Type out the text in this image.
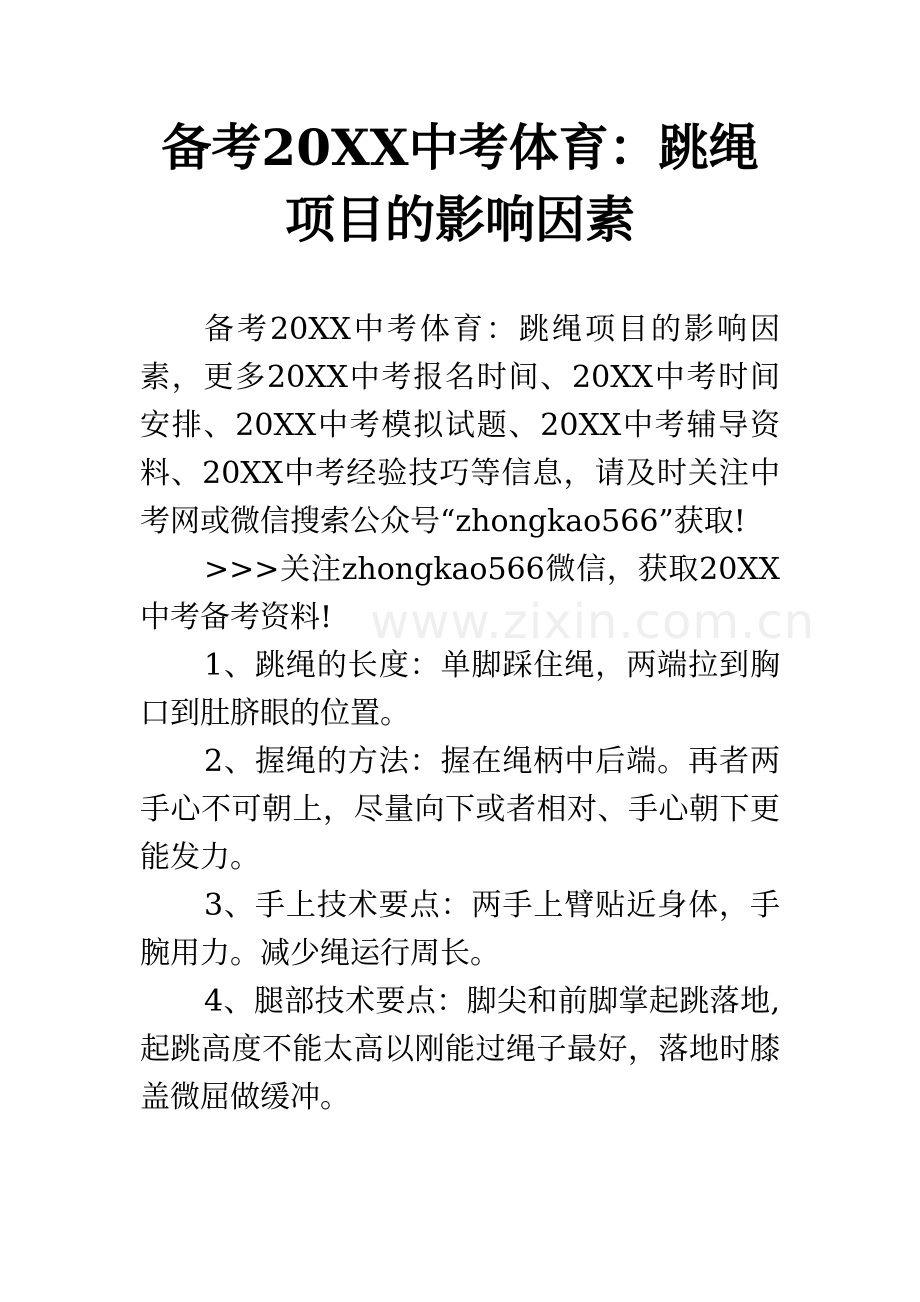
备考20XX中考体育：跳绳项目的影响因素

备考20XX中考体育：跳绳项目的影响因素，更多20XX中考报名时间、20XX中考时间安排、20XX中考模拟试题、20XX中考辅导资料、20XX中考经验技巧等信息，请及时关注中考网或微信搜索公众号“zhongkao566”获取!

>>>关注zhongkao566微信，获取20XX中考备考资料!

1、跳绳的长度：单脚踩住绳，两端拉到胸口到肚脐眼的位置。

2、握绳的方法：握在绳柄中后端。再者两手心不可朝上，尽量向下或者相对、手心朝下更能发力。

3、手上技术要点：两手上臂贴近身体，手腕用力。减少绳运行周长。

4、腿部技术要点：脚尖和前脚掌起跳落地,起跳高度不能太高以刚能过绳子最好，落地时膝盖微屈做缓冲。

www.zixin.com.cn
